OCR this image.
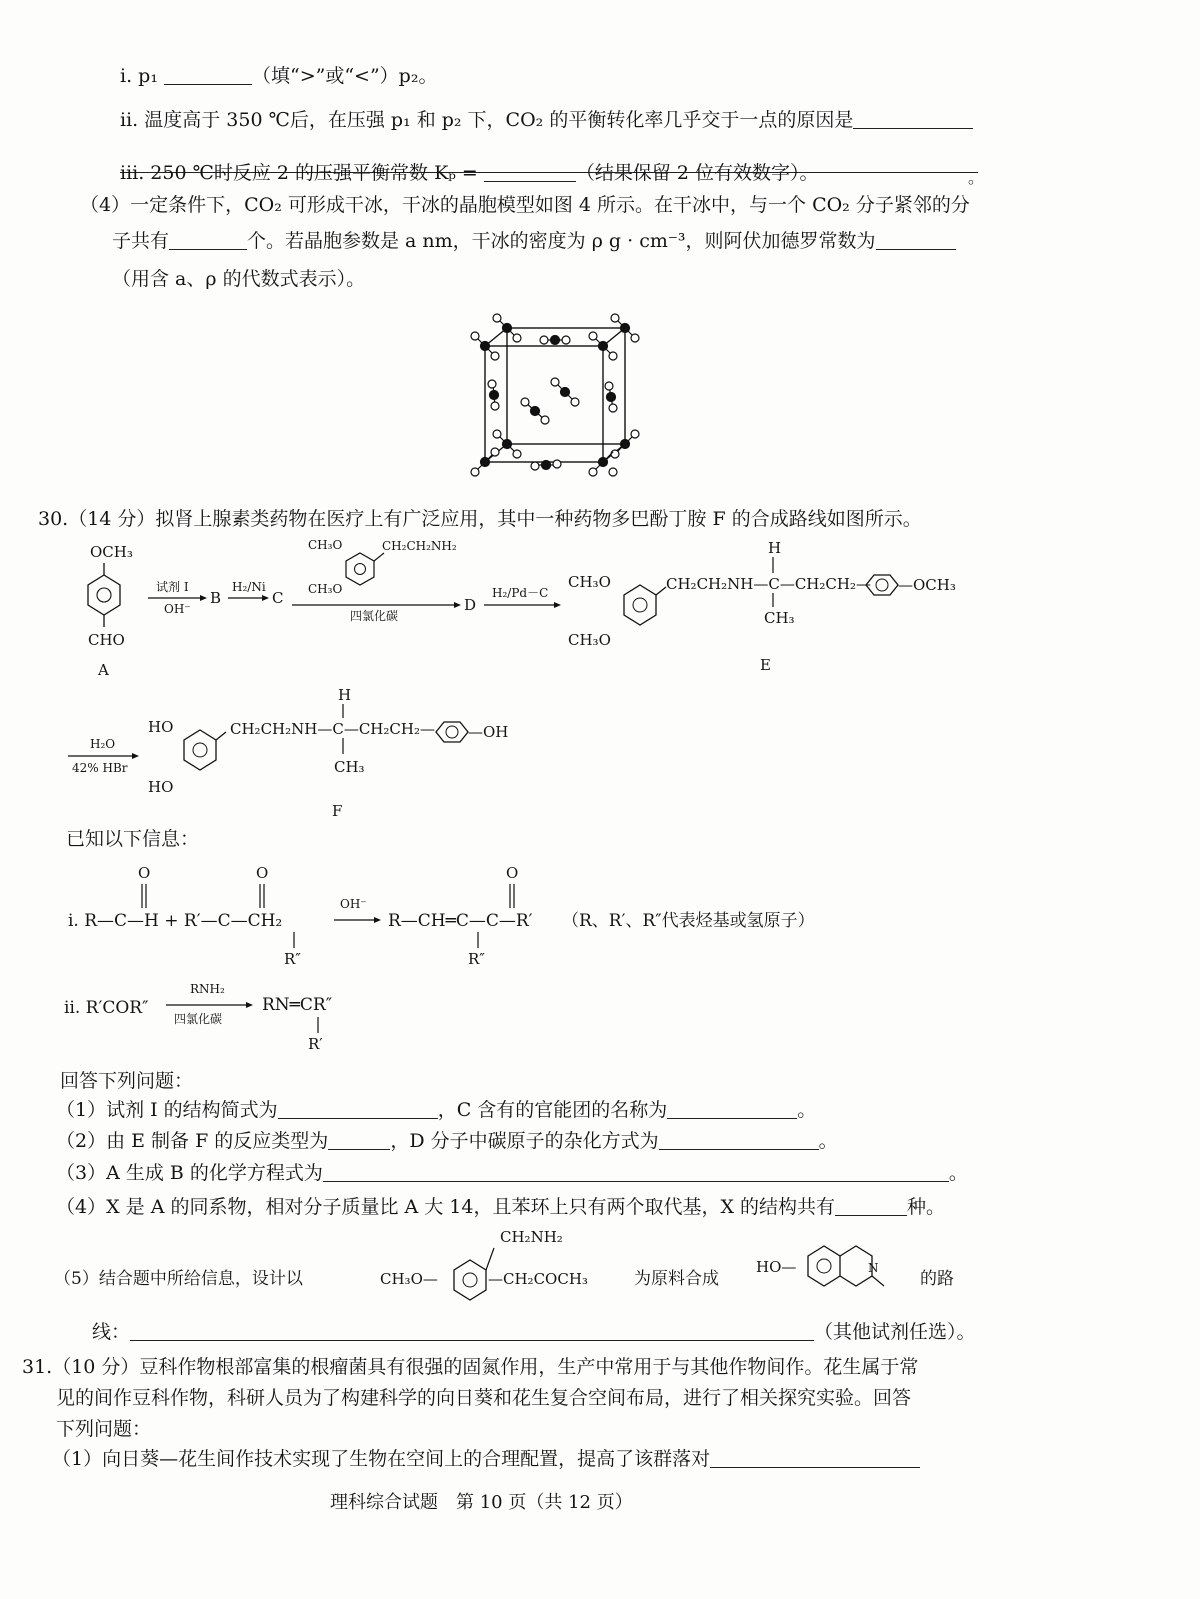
ⅰ. p₁	（填“>”或“<”）p₂。
ⅱ. 温度高于 350 ℃后，在压强 p₁ 和 p₂ 下，CO₂ 的平衡转化率几乎交于一点的原因是
。
ⅲ. 250 ℃时反应 2 的压强平衡常数 Kₚ =	（结果保留 2 位有效数字）。
（4）一定条件下，CO₂ 可形成干冰，干冰的晶胞模型如图 4 所示。在干冰中，与一个 CO₂ 分子紧邻的分
子共有	个。若晶胞参数是 a nm，干冰的密度为 ρ g · cm⁻³，则阿伏加德罗常数为
（用含 a、ρ 的代数式表示）。
30.（14 分）拟肾上腺素类药物在医疗上有广泛应用，其中一种药物多巴酚丁胺 F 的合成路线如图所示。
OCH₃
CHO
A
试剂 Ⅰ
OH⁻
B
H₂/Ni
C
CH₃O
CH₃O
CH₂CH₂NH₂
四氯化碳
D
H₂/Pd－C
CH₃O
CH₃O
CH₂CH₂NH—C—CH₂CH₂—
H
CH₃
—OCH₃
E
H₂O
42% HBr
HO
HO
CH₂CH₂NH—C—CH₂CH₂—
H
CH₃
—OH
F
已知以下信息：
ⅰ. R—C—H + R′—C—CH₂
O	O
R″
OH⁻
R—CH═C—C—R′
R″
O
（R、R′、R″代表烃基或氢原子）
ⅱ. R′COR″
RNH₂
四氯化碳
RN═CR″
R′
回答下列问题：
（1）试剂 Ⅰ 的结构简式为	，C 含有的官能团的名称为	。
（2）由 E 制备 F 的反应类型为	，D 分子中碳原子的杂化方式为	。
（3）A 生成 B 的化学方程式为	。
（4）X 是 A 的同系物，相对分子质量比 A 大 14，且苯环上只有两个取代基，X 的结构共有	种。
（5）结合题中所给信息，设计以	CH₃O—
CH₂NH₂
—CH₂COCH₃	为原料合成
HO—	N
的路
线：	（其他试剂任选）。
31.（10 分）豆科作物根部富集的根瘤菌具有很强的固氮作用，生产中常用于与其他作物间作。花生属于常
见的间作豆科作物，科研人员为了构建科学的向日葵和花生复合空间布局，进行了相关探究实验。回答
下列问题：
（1）向日葵—花生间作技术实现了生物在空间上的合理配置，提高了该群落对
理科综合试题　第 10 页（共 12 页）
